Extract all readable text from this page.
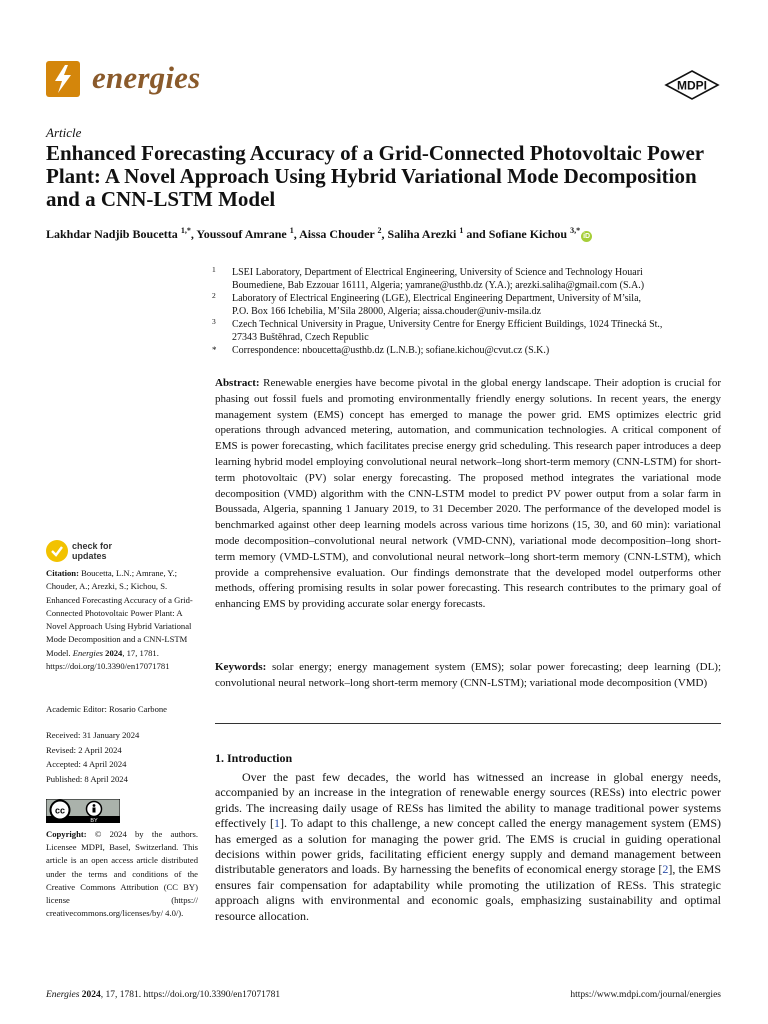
energies	MDPI
Article
Enhanced Forecasting Accuracy of a Grid-Connected Photovoltaic Power Plant: A Novel Approach Using Hybrid Variational Mode Decomposition and a CNN-LSTM Model
Lakhdar Nadjib Boucetta $^{1,*}$, Youssouf Amrane $^1$, Aissa Chouder $^2$, Saliha Arezki $^1$ and Sofiane Kichou $^{3,*}$iD
1 LSEI Laboratory, Department of Electrical Engineering, University of Science and Technology Houari
Boumediene, Bab Ezzouar 16111, Algeria; yamrane@usthb.dz (Y.A.); arezki.saliha@gmail.com (S.A.)
2 Laboratory of Electrical Engineering (LGE), Electrical Engineering Department, University of M’sila,
P.O. Box 166 Ichebilia, M’Sila 28000, Algeria; aissa.chouder@univ-msila.dz
3 Czech Technical University in Prague, University Centre for Energy Efficient Buildings, 1024 Třinecká St.,
27343 Buštěhrad, Czech Republic
* Correspondence: nboucetta@usthb.dz (L.N.B.); sofiane.kichou@cvut.cz (S.K.)
Abstract: Renewable energies have become pivotal in the global energy landscape. Their adoption is crucial for phasing out fossil fuels and promoting environmentally friendly energy solutions. In recent years, the energy management system (EMS) concept has emerged to manage the power grid. EMS optimizes electric grid operations through advanced metering, automation, and communication technologies. A critical component of EMS is power forecasting, which facilitates precise energy grid scheduling. This research paper introduces a deep learning hybrid model employing convolutional neural network–long short-term memory (CNN-LSTM) for short-term photovoltaic (PV) solar energy forecasting. The proposed method integrates the variational mode decomposition (VMD) algorithm with the CNN-LSTM model to predict PV power output from a solar farm in Boussada, Algeria, spanning 1 January 2019, to 31 December 2020. The performance of the developed model is benchmarked against other deep learning models across various time horizons (15, 30, and 60 min): variational mode decomposition–convolutional neural network (VMD-CNN), variational mode decomposition–long short-term memory (VMD-LSTM), and convolutional neural network–long short-term memory (CNN-LSTM), which provide a comprehensive evaluation. Our findings demonstrate that the developed model outperforms other methods, offering promising results in solar power forecasting. This research contributes to the primary goal of enhancing EMS by providing accurate solar energy forecasts.
Keywords: solar energy; energy management system (EMS); solar power forecasting; deep learning (DL); convolutional neural network–long short-term memory (CNN-LSTM); variational mode decomposition (VMD)
1. Introduction
Over the past few decades, the world has witnessed an increase in global energy needs, accompanied by an increase in the integration of renewable energy sources (RESs) into electric power grids. The increasing daily usage of RESs has limited the ability to manage traditional power systems effectively [1]. To adapt to this challenge, a new concept called the energy management system (EMS) has emerged as a solution for managing the power grid. The EMS is crucial in guiding operational decisions within power grids, facilitating efficient energy supply and demand management between distributable generators and loads. By harnessing the benefits of economical energy storage [2], the EMS ensures fair compensation for adaptability while promoting the utilization of RESs. This strategic approach aligns with environmental and economic goals, emphasizing sustainability and optimal resource allocation.
check for
updates
Citation: Boucetta, L.N.; Amrane, Y.; Chouder, A.; Arezki, S.; Kichou, S. Enhanced Forecasting Accuracy of a Grid-Connected Photovoltaic Power Plant: A Novel Approach Using Hybrid Variational Mode Decomposition and a CNN-LSTM Model. Energies 2024, 17, 1781. https://doi.org/10.3390/en17071781
Academic Editor: Rosario Carbone
Received: 31 January 2024
Revised: 2 April 2024
Accepted: 4 April 2024
Published: 8 April 2024
cc
BY
Copyright: © 2024 by the authors. Licensee MDPI, Basel, Switzerland. This article is an open access article distributed under the terms and conditions of the Creative Commons Attribution (CC BY) license (https:// creativecommons.org/licenses/by/ 4.0/).
Energies 2024, 17, 1781. https://doi.org/10.3390/en17071781	https://www.mdpi.com/journal/energies
